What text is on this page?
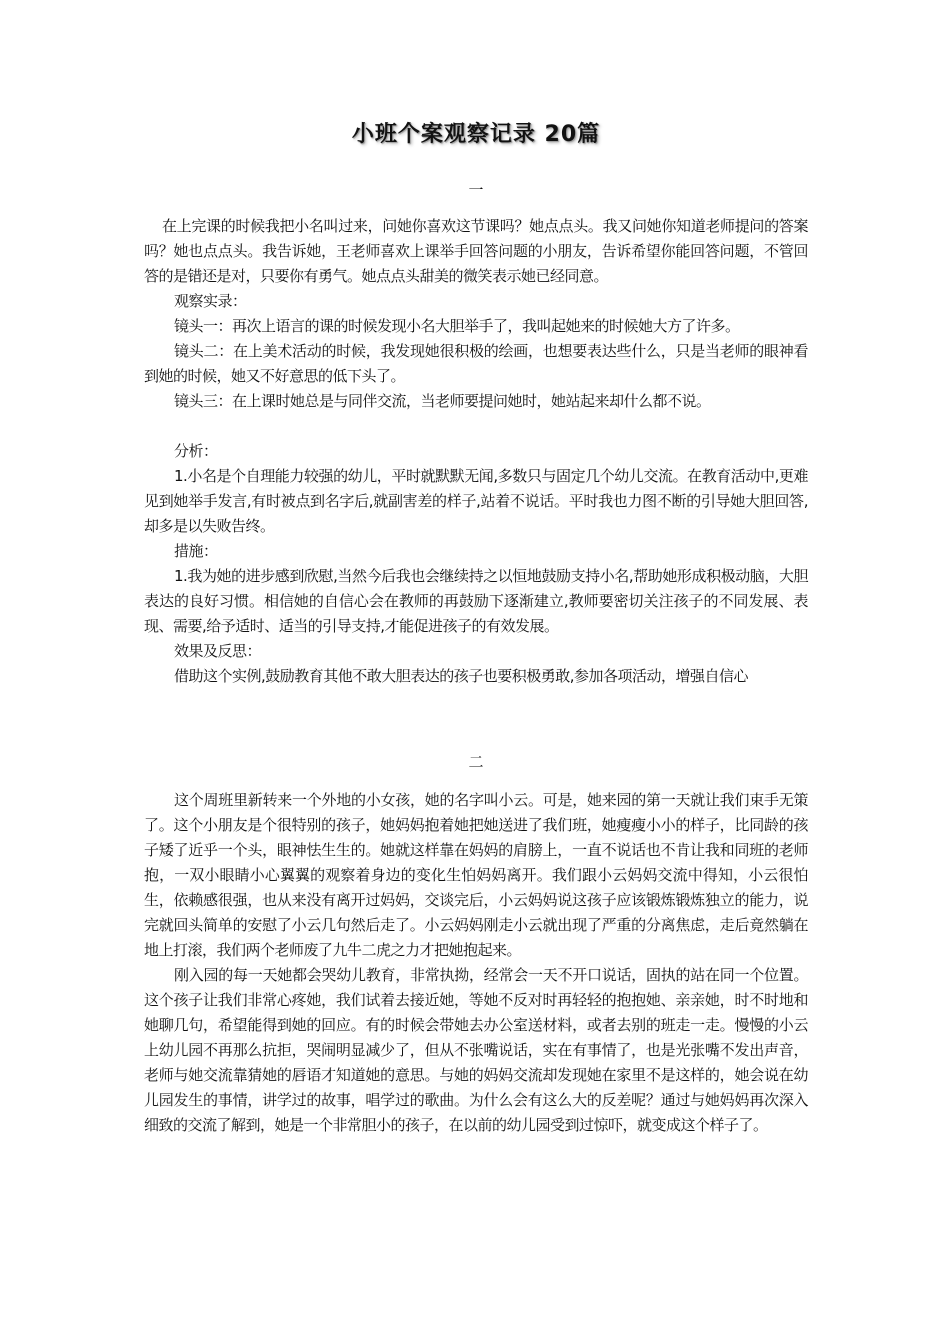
小班个案观察记录 20篇
一

在上完课的时候我把小名叫过来，问她你喜欢这节课吗？她点点头。我又问她你知道老师提问的答案吗？她也点点头。我告诉她，王老师喜欢上课举手回答问题的小朋友，告诉希望你能回答问题，不管回答的是错还是对，只要你有勇气。她点点头甜美的微笑表示她已经同意。

观察实录：

镜头一：再次上语言的课的时候发现小名大胆举手了，我叫起她来的时候她大方了许多。

镜头二：在上美术活动的时候，我发现她很积极的绘画，也想要表达些什么，只是当老师的眼神看到她的时候，她又不好意思的低下头了。

镜头三：在上课时她总是与同伴交流，当老师要提问她时，她站起来却什么都不说。

分析：

1.小名是个自理能力较强的幼儿，平时就默默无闻,多数只与固定几个幼儿交流。在教育活动中,更难见到她举手发言,有时被点到名字后,就副害差的样子,站着不说话。平时我也力图不断的引导她大胆回答,却多是以失败告终。

措施：

1.我为她的进步感到欣慰,当然今后我也会继续持之以恒地鼓励支持小名,帮助她形成积极动脑，大胆表达的良好习惯。相信她的自信心会在教师的再鼓励下逐渐建立,教师要密切关注孩子的不同发展、表现、需要,给予适时、适当的引导支持,才能促进孩子的有效发展。

效果及反思：

借助这个实例,鼓励教育其他不敢大胆表达的孩子也要积极勇敢,参加各项活动，增强自信心

二

这个周班里新转来一个外地的小女孩，她的名字叫小云。可是，她来园的第一天就让我们束手无策了。这个小朋友是个很特别的孩子，她妈妈抱着她把她送进了我们班，她瘦瘦小小的样子，比同龄的孩子矮了近乎一个头，眼神怯生生的。她就这样靠在妈妈的肩膀上，一直不说话也不肯让我和同班的老师抱，一双小眼睛小心翼翼的观察着身边的变化生怕妈妈离开。我们跟小云妈妈交流中得知，小云很怕生，依赖感很强，也从来没有离开过妈妈，交谈完后，小云妈妈说这孩子应该锻炼锻炼独立的能力，说完就回头简单的安慰了小云几句然后走了。小云妈妈刚走小云就出现了严重的分离焦虑，走后竟然躺在地上打滚，我们两个老师废了九牛二虎之力才把她抱起来。

刚入园的每一天她都会哭幼儿教育，非常执拗，经常会一天不开口说话，固执的站在同一个位置。这个孩子让我们非常心疼她，我们试着去接近她，等她不反对时再轻轻的抱抱她、亲亲她，时不时地和她聊几句，希望能得到她的回应。有的时候会带她去办公室送材料，或者去别的班走一走。慢慢的小云上幼儿园不再那么抗拒，哭闹明显减少了，但从不张嘴说话，实在有事情了，也是光张嘴不发出声音，老师与她交流靠猜她的唇语才知道她的意思。与她的妈妈交流却发现她在家里不是这样的，她会说在幼儿园发生的事情，讲学过的故事，唱学过的歌曲。为什么会有这么大的反差呢？通过与她妈妈再次深入细致的交流了解到，她是一个非常胆小的孩子，在以前的幼儿园受到过惊吓，就变成这个样子了。
